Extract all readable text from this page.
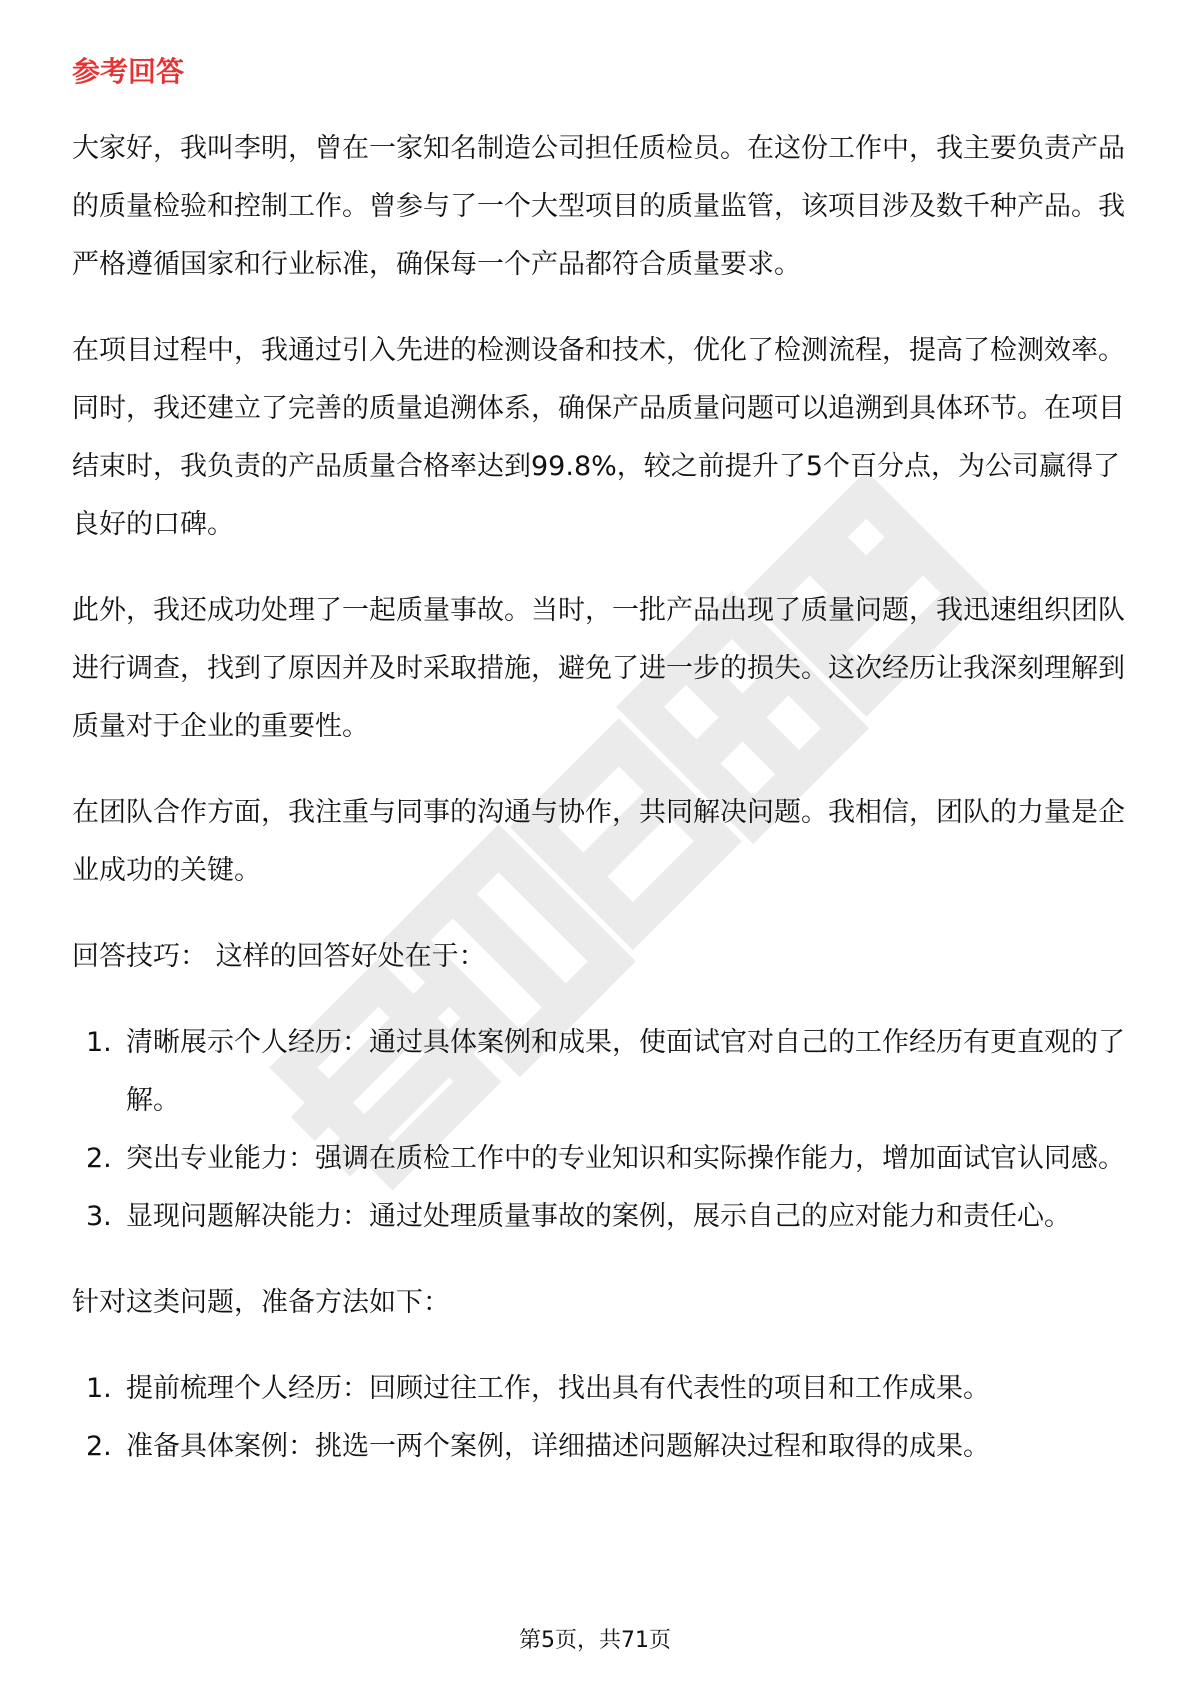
参考回答

大家好，我叫李明，曾在一家知名制造公司担任质检员。在这份工作中，我主要负责产品的质量检验和控制工作。曾参与了一个大型项目的质量监管，该项目涉及数千种产品。我严格遵循国家和行业标准，确保每一个产品都符合质量要求。

在项目过程中，我通过引入先进的检测设备和技术，优化了检测流程，提高了检测效率。同时，我还建立了完善的质量追溯体系，确保产品质量问题可以追溯到具体环节。在项目结束时，我负责的产品质量合格率达到99.8%，较之前提升了5个百分点，为公司赢得了良好的口碑。

此外，我还成功处理了一起质量事故。当时，一批产品出现了质量问题，我迅速组织团队进行调查，找到了原因并及时采取措施，避免了进一步的损失。这次经历让我深刻理解到质量对于企业的重要性。

在团队合作方面，我注重与同事的沟通与协作，共同解决问题。我相信，团队的力量是企业成功的关键。

回答技巧： 这样的回答好处在于：

1. 清晰展示个人经历：通过具体案例和成果，使面试官对自己的工作经历有更直观的了解。
2. 突出专业能力：强调在质检工作中的专业知识和实际操作能力，增加面试官认同感。
3. 显现问题解决能力：通过处理质量事故的案例，展示自己的应对能力和责任心。

针对这类问题，准备方法如下：

1. 提前梳理个人经历：回顾过往工作，找出具有代表性的项目和工作成果。
2. 准备具体案例：挑选一两个案例，详细描述问题解决过程和取得的成果。
第5页，共71页
